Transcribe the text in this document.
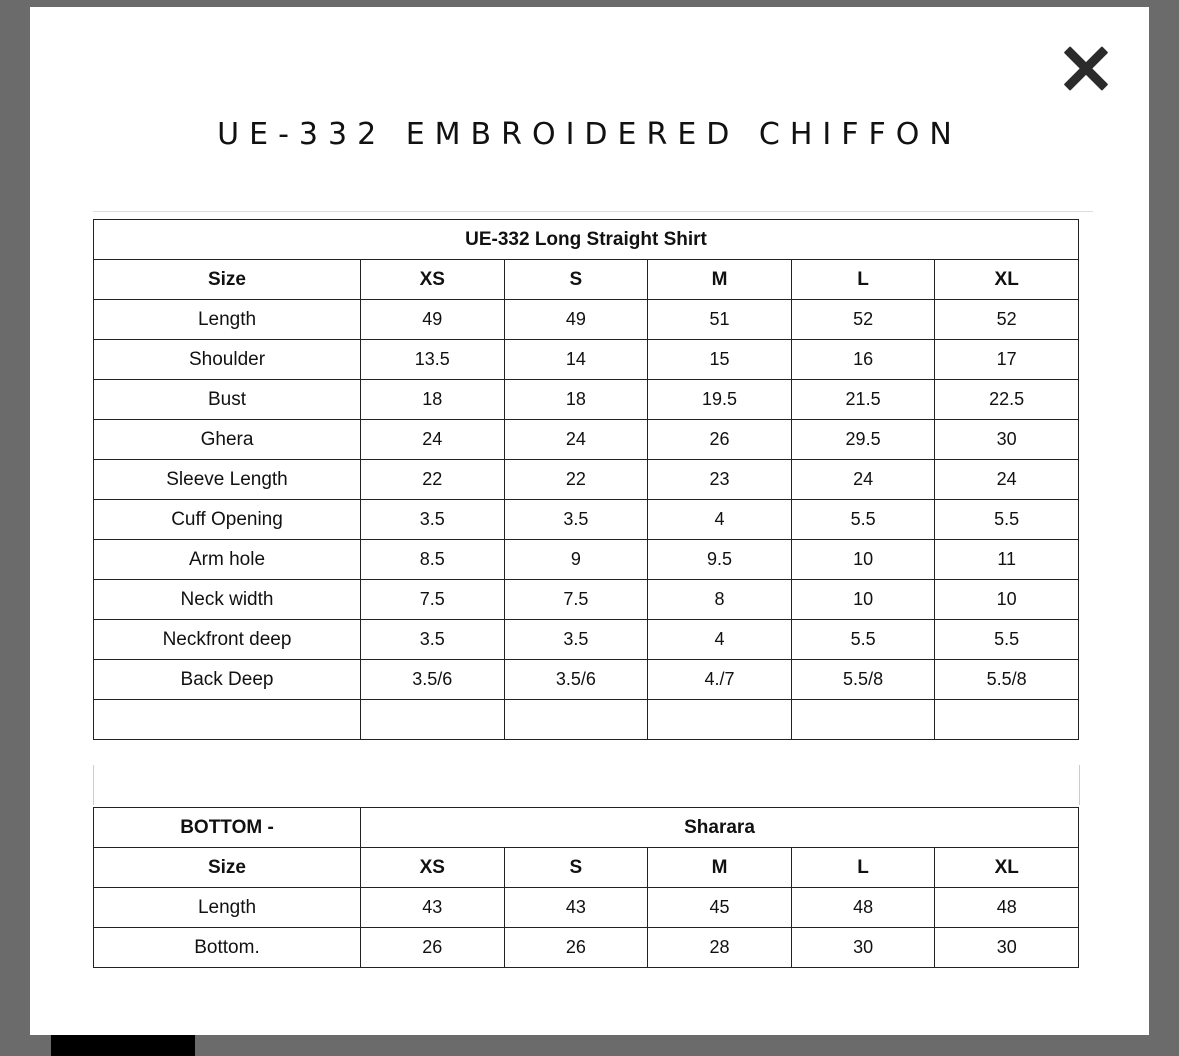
UE-332 EMBROIDERED CHIFFON
UE-332 Long Straight Shirt					
Size	XS	S	M	L	XL
Length	49	49	51	52	52
Shoulder	13.5	14	15	16	17
Bust	18	18	19.5	21.5	22.5
Ghera	24	24	26	29.5	30
Sleeve Length	22	22	23	24	24
Cuff Opening	3.5	3.5	4	5.5	5.5
Arm hole	8.5	9	9.5	10	11
Neck width	7.5	7.5	8	10	10
Neckfront deep	3.5	3.5	4	5.5	5.5
Back Deep	3.5/6	3.5/6	4./7	5.5/8	5.5/8

BOTTOM -	Sharara				
Size	XS	S	M	L	XL
Length	43	43	45	48	48
Bottom.	26	26	28	30	30
